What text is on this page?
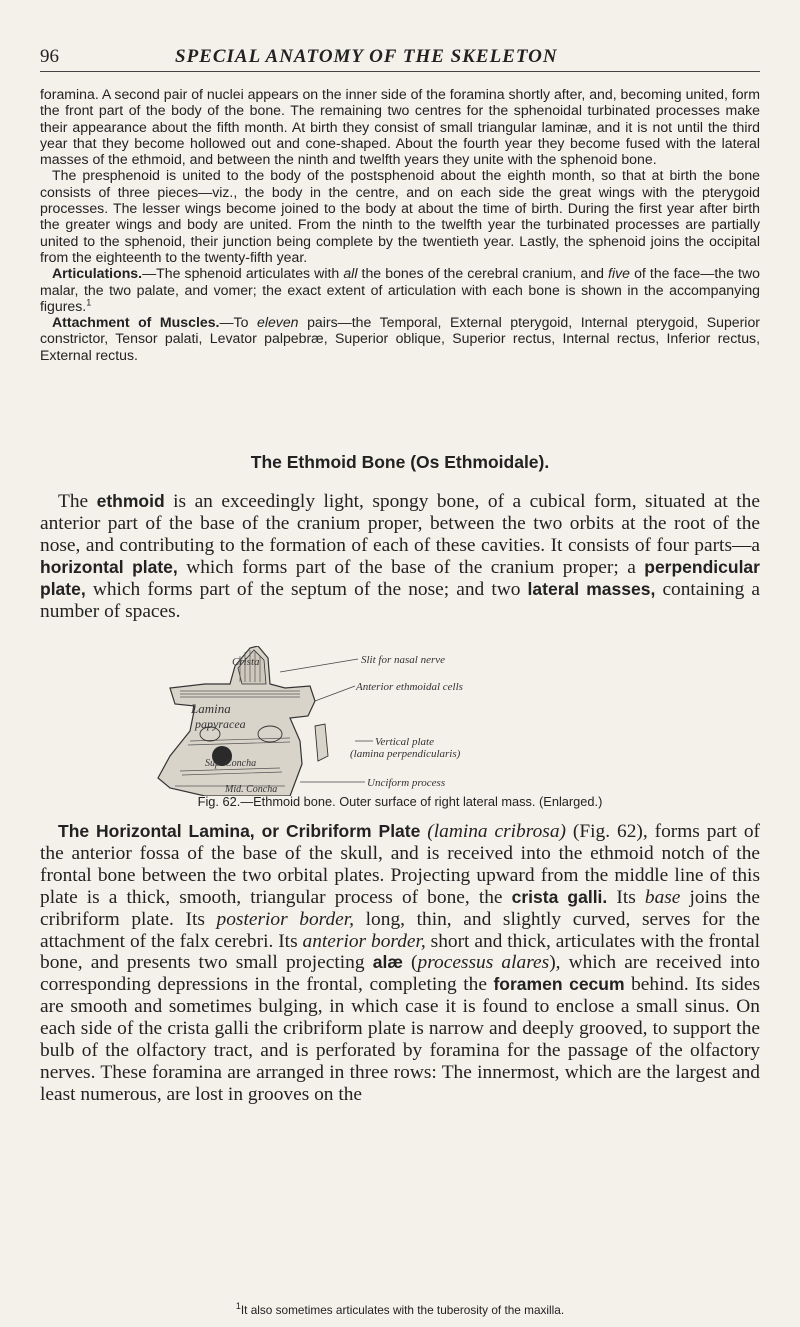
96	SPECIAL ANATOMY OF THE SKELETON

foramina. A second pair of nuclei appears on the inner side of the foramina shortly after, and, becoming united, form the front part of the body of the bone. The remaining two centres for the sphenoidal turbinated processes make their appearance about the fifth month. At birth they consist of small triangular laminæ, and it is not until the third year that they become hollowed out and cone-shaped. About the fourth year they become fused with the lateral masses of the ethmoid, and between the ninth and twelfth years they unite with the sphenoid bone.

The presphenoid is united to the body of the postsphenoid about the eighth month, so that at birth the bone consists of three pieces—viz., the body in the centre, and on each side the great wings with the pterygoid processes. The lesser wings become joined to the body at about the time of birth. During the first year after birth the greater wings and body are united. From the ninth to the twelfth year the turbinated processes are partially united to the sphenoid, their junction being complete by the twentieth year. Lastly, the sphenoid joins the occipital from the eighteenth to the twenty-fifth year.

Articulations.—The sphenoid articulates with all the bones of the cerebral cranium, and five of the face—the two malar, the two palate, and vomer; the exact extent of articulation with each bone is shown in the accompanying figures.$^1$

Attachment of Muscles.—To eleven pairs—the Temporal, External pterygoid, Internal pterygoid, Superior constrictor, Tensor palati, Levator palpebræ, Superior oblique, Superior rectus, Internal rectus, Inferior rectus, External rectus.

The Ethmoid Bone (Os Ethmoidale).

The ethmoid is an exceedingly light, spongy bone, of a cubical form, situated at the anterior part of the base of the cranium proper, between the two orbits at the root of the nose, and contributing to the formation of each of these cavities. It consists of four parts—a horizontal plate, which forms part of the base of the cranium proper; a perpendicular plate, which forms part of the septum of the nose; and two lateral masses, containing a number of spaces.

Crista
Lamina
papyracea
Sup. Concha
Mid. Concha
Slit for nasal nerve
Anterior ethmoidal cells
Vertical plate
(lamina perpendicularis)
Unciform process
Fig. 62.—Ethmoid bone. Outer surface of right lateral mass. (Enlarged.)

The Horizontal Lamina, or Cribriform Plate (lamina cribrosa) (Fig. 62), forms part of the anterior fossa of the base of the skull, and is received into the ethmoid notch of the frontal bone between the two orbital plates. Projecting upward from the middle line of this plate is a thick, smooth, triangular process of bone, the crista galli. Its base joins the cribriform plate. Its posterior border, long, thin, and slightly curved, serves for the attachment of the falx cerebri. Its anterior border, short and thick, articulates with the frontal bone, and presents two small projecting alæ (processus alares), which are received into corresponding depressions in the frontal, completing the foramen cecum behind. Its sides are smooth and sometimes bulging, in which case it is found to enclose a small sinus. On each side of the crista galli the cribriform plate is narrow and deeply grooved, to support the bulb of the olfactory tract, and is perforated by foramina for the passage of the olfactory nerves. These foramina are arranged in three rows: The innermost, which are the largest and least numerous, are lost in grooves on the

$^1$It also sometimes articulates with the tuberosity of the maxilla.
